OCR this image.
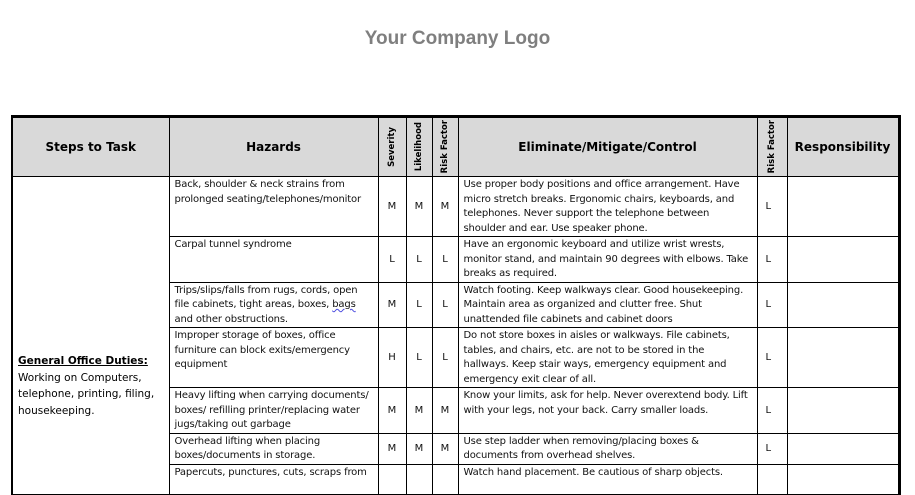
Your Company Logo
Steps to Task	Hazards	Severity	Likelihood	Risk Factor	Eliminate/Mitigate/Control	Risk Factor	Responsibility
General Office Duties:
Working on Computers, telephone, printing, filing, housekeeping.	Back, shoulder & neck strains from prolonged seating/telephones/monitor	M	M	M	Use proper body positions and office arrangement. Have micro stretch breaks. Ergonomic chairs, keyboards, and telephones. Never support the telephone between shoulder and ear. Use speaker phone.	L	
	Carpal tunnel syndrome	L	L	L	Have an ergonomic keyboard and utilize wrist wrests, monitor stand, and maintain 90 degrees with elbows. Take breaks as required.	L	
	Trips/slips/falls from rugs, cords, open file cabinets, tight areas, boxes, bags and other obstructions.	M	L	L	Watch footing. Keep walkways clear. Good housekeeping. Maintain area as organized and clutter free. Shut unattended file cabinets and cabinet doors	L	
	Improper storage of boxes, office furniture can block exits/emergency equipment	H	L	L	Do not store boxes in aisles or walkways. File cabinets, tables, and chairs, etc. are not to be stored in the hallways. Keep stair ways, emergency equipment and emergency exit clear of all.	L	
	Heavy lifting when carrying documents/ boxes/ refilling printer/replacing water jugs/taking out garbage	M	M	M	Know your limits, ask for help. Never overextend body. Lift with your legs, not your back. Carry smaller loads.	L	
	Overhead lifting when placing boxes/documents in storage.	M	M	M	Use step ladder when removing/placing boxes & documents from overhead shelves.	L	
	Papercuts, punctures, cuts, scraps from				Watch hand placement. Be cautious of sharp objects.		
